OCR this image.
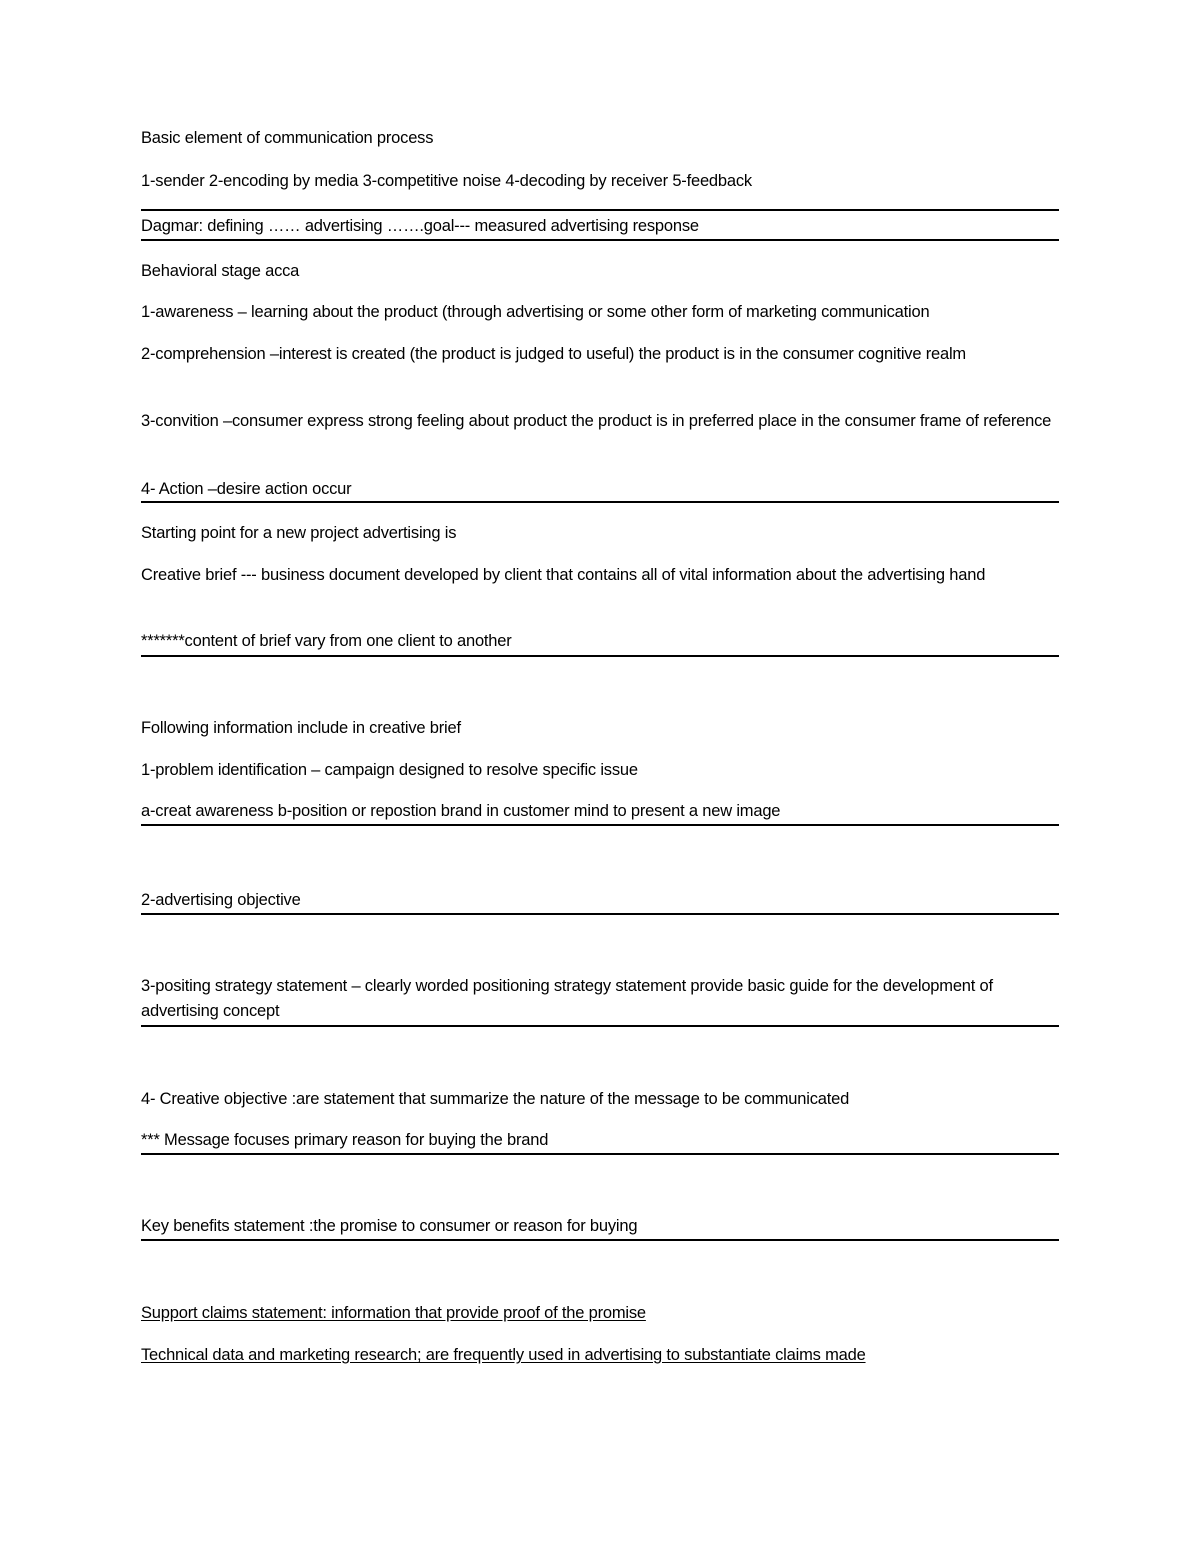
Basic element of communication process
1-sender 2-encoding by media 3-competitive noise 4-decoding by receiver 5-feedback
Dagmar: defining …… advertising …….goal--- measured advertising response
Behavioral stage acca
1-awareness – learning about the product (through advertising or some other form of marketing communication
2-comprehension –interest is created (the product is judged to useful) the product is in the consumer cognitive realm
3-convition –consumer express strong feeling about product the product is in preferred place in the consumer frame of reference
4- Action –desire action occur
Starting point for a new project advertising is
Creative brief --- business document developed by client that contains all of vital information about the advertising hand
*******content of brief vary from one client to another
Following information include in creative brief
1-problem identification – campaign designed to resolve specific issue
a-creat awareness b-position or repostion brand in customer mind to present a new image
2-advertising objective
3-positing strategy statement – clearly worded positioning strategy statement provide basic guide for the development of advertising concept
4- Creative objective :are statement that summarize the nature of the message to be communicated
*** Message focuses primary reason for buying the brand
Key benefits statement :the promise to consumer or reason for buying
Support claims statement: information that provide proof of the promise
Technical data and marketing research; are frequently used in advertising to substantiate claims made
